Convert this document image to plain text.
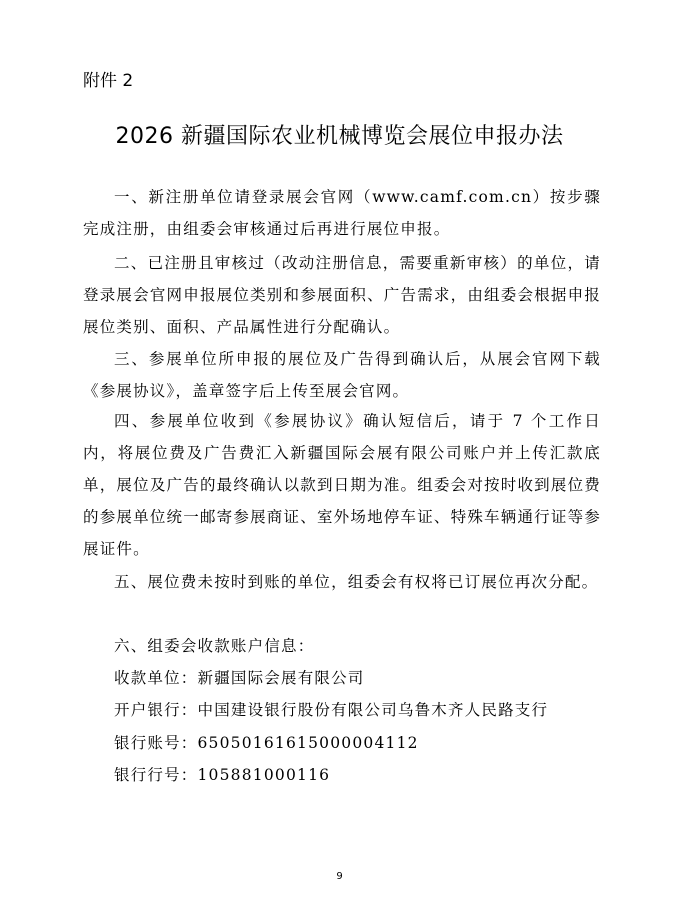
附件 2
2026 新疆国际农业机械博览会展位申报办法

一、新注册单位请登录展会官网（www.camf.com.cn）按步骤完成注册，由组委会审核通过后再进行展位申报。

二、已注册且审核过（改动注册信息，需要重新审核）的单位，请登录展会官网申报展位类别和参展面积、广告需求，由组委会根据申报展位类别、面积、产品属性进行分配确认。

三、参展单位所申报的展位及广告得到确认后，从展会官网下载《参展协议》，盖章签字后上传至展会官网。

四、参展单位收到《参展协议》确认短信后，请于 7 个工作日内，将展位费及广告费汇入新疆国际会展有限公司账户并上传汇款底单，展位及广告的最终确认以款到日期为准。组委会对按时收到展位费的参展单位统一邮寄参展商证、室外场地停车证、特殊车辆通行证等参展证件。

五、展位费未按时到账的单位，组委会有权将已订展位再次分配。

六、组委会收款账户信息：
收款单位：新疆国际会展有限公司
开户银行：中国建设银行股份有限公司乌鲁木齐人民路支行
银行账号：65050161615000004112
银行行号：105881000116
9
